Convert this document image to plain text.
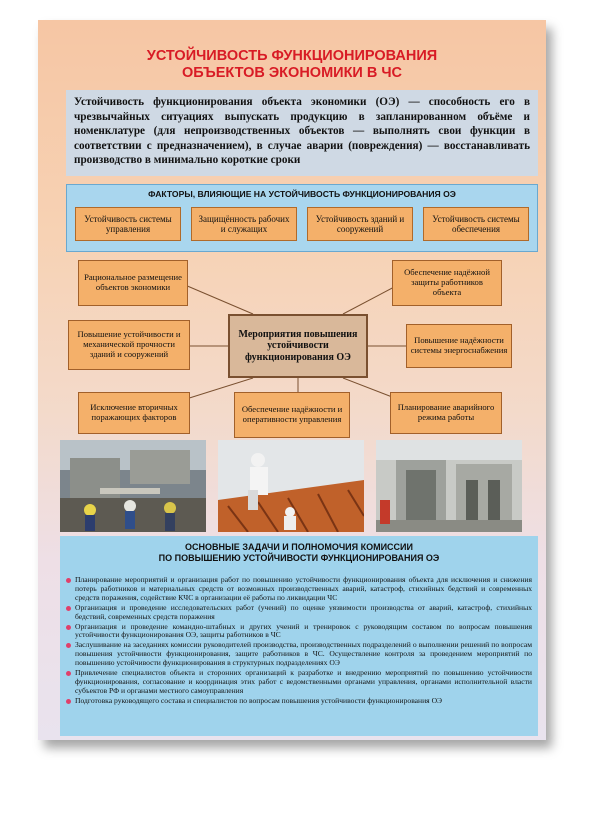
УСТОЙЧИВОСТЬ ФУНКЦИОНИРОВАНИЯ
ОБЪЕКТОВ ЭКОНОМИКИ В ЧС
Устойчивость функционирования объекта экономики (ОЭ) — способность его в чрезвычайных ситуациях выпускать продукцию в запланированном объёме и номенклатуре (для непроизводственных объектов — выполнять свои функции в соответствии с предназначением), в случае аварии (повреждения) — восстанавливать производство в минимально короткие сроки
ФАКТОРЫ, ВЛИЯЮЩИЕ НА УСТОЙЧИВОСТЬ ФУНКЦИОНИРОВАНИЯ ОЭ
Устойчивость системы управления
Защищённость рабочих и служащих
Устойчивость зданий и сооружений
Устойчивость системы обеспечения
Рациональное размещение объектов экономики
Обеспечение надёжной защиты работников объекта
Повышение устойчивости и механической прочности зданий и сооружений
Повышение надёжности системы энергоснабжения
Исключение вторичных поражающих факторов
Обеспечение надёжности и оперативности управления
Планирование аварийного режима работы
Мероприятия повышения устойчивости функционирования ОЭ
ОСНОВНЫЕ ЗАДАЧИ И ПОЛНОМОЧИЯ КОМИССИИ
ПО ПОВЫШЕНИЮ УСТОЙЧИВОСТИ ФУНКЦИОНИРОВАНИЯ ОЭ
Планирование мероприятий и организация работ по повышению устойчивости функционирования объекта для исключения и снижения потерь работников и материальных средств от возможных производственных аварий, катастроф, стихийных бедствий и современных средств поражения, содействие КЧС в организации её работы по ликвидации ЧС
Организация и проведение исследовательских работ (учений) по оценке уязвимости производства от аварий, катастроф, стихийных бедствий, современных средств поражения
Организация и проведение командно-штабных и других учений и тренировок с руководящим составом по вопросам повышения устойчивости функционирования ОЭ, защиты работников в ЧС
Заслушивание на заседаниях комиссии руководителей производства, производственных подразделений о выполнении решений по вопросам повышения устойчивости функционирования, защите работников в ЧС. Осуществление контроля за проведением мероприятий по повышению устойчивости функционирования в структурных подразделениях ОЭ
Привлечение специалистов объекта и сторонних организаций к разработке и внедрению мероприятий по повышению устойчивости функционирования, согласование и координация этих работ с ведомственными органами управления, органами исполнительной власти субъектов РФ и органами местного самоуправления
Подготовка руководящего состава и специалистов по вопросам повышения устойчивости функционирования ОЭ
